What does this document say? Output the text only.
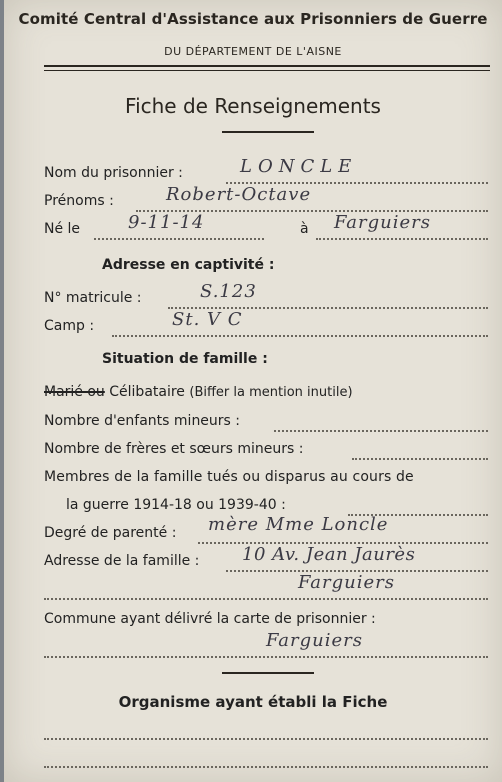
Comité Central d'Assistance aux Prisonniers de Guerre
DU DÉPARTEMENT DE L'AISNE
Fiche de Renseignements
Nom du prisonnier :	LONCLE
Prénoms :	Robert-Octave
Né le	9-11-14	à Farguiers
Adresse en captivité :
N° matricule :	S.123
Camp :	St. V C
Situation de famille :
Marié ou Célibataire (Biffer la mention inutile)
Nombre d'enfants mineurs :
Nombre de frères et sœurs mineurs :
Membres de la famille tués ou disparus au cours de
la guerre 1914-18 ou 1939-40 :
Degré de parenté : mère Mme Loncle
Adresse de la famille : 10 Av. Jean Jaurès
Farguiers
Commune ayant délivré la carte de prisonnier :
Farguiers
Organisme ayant établi la Fiche
